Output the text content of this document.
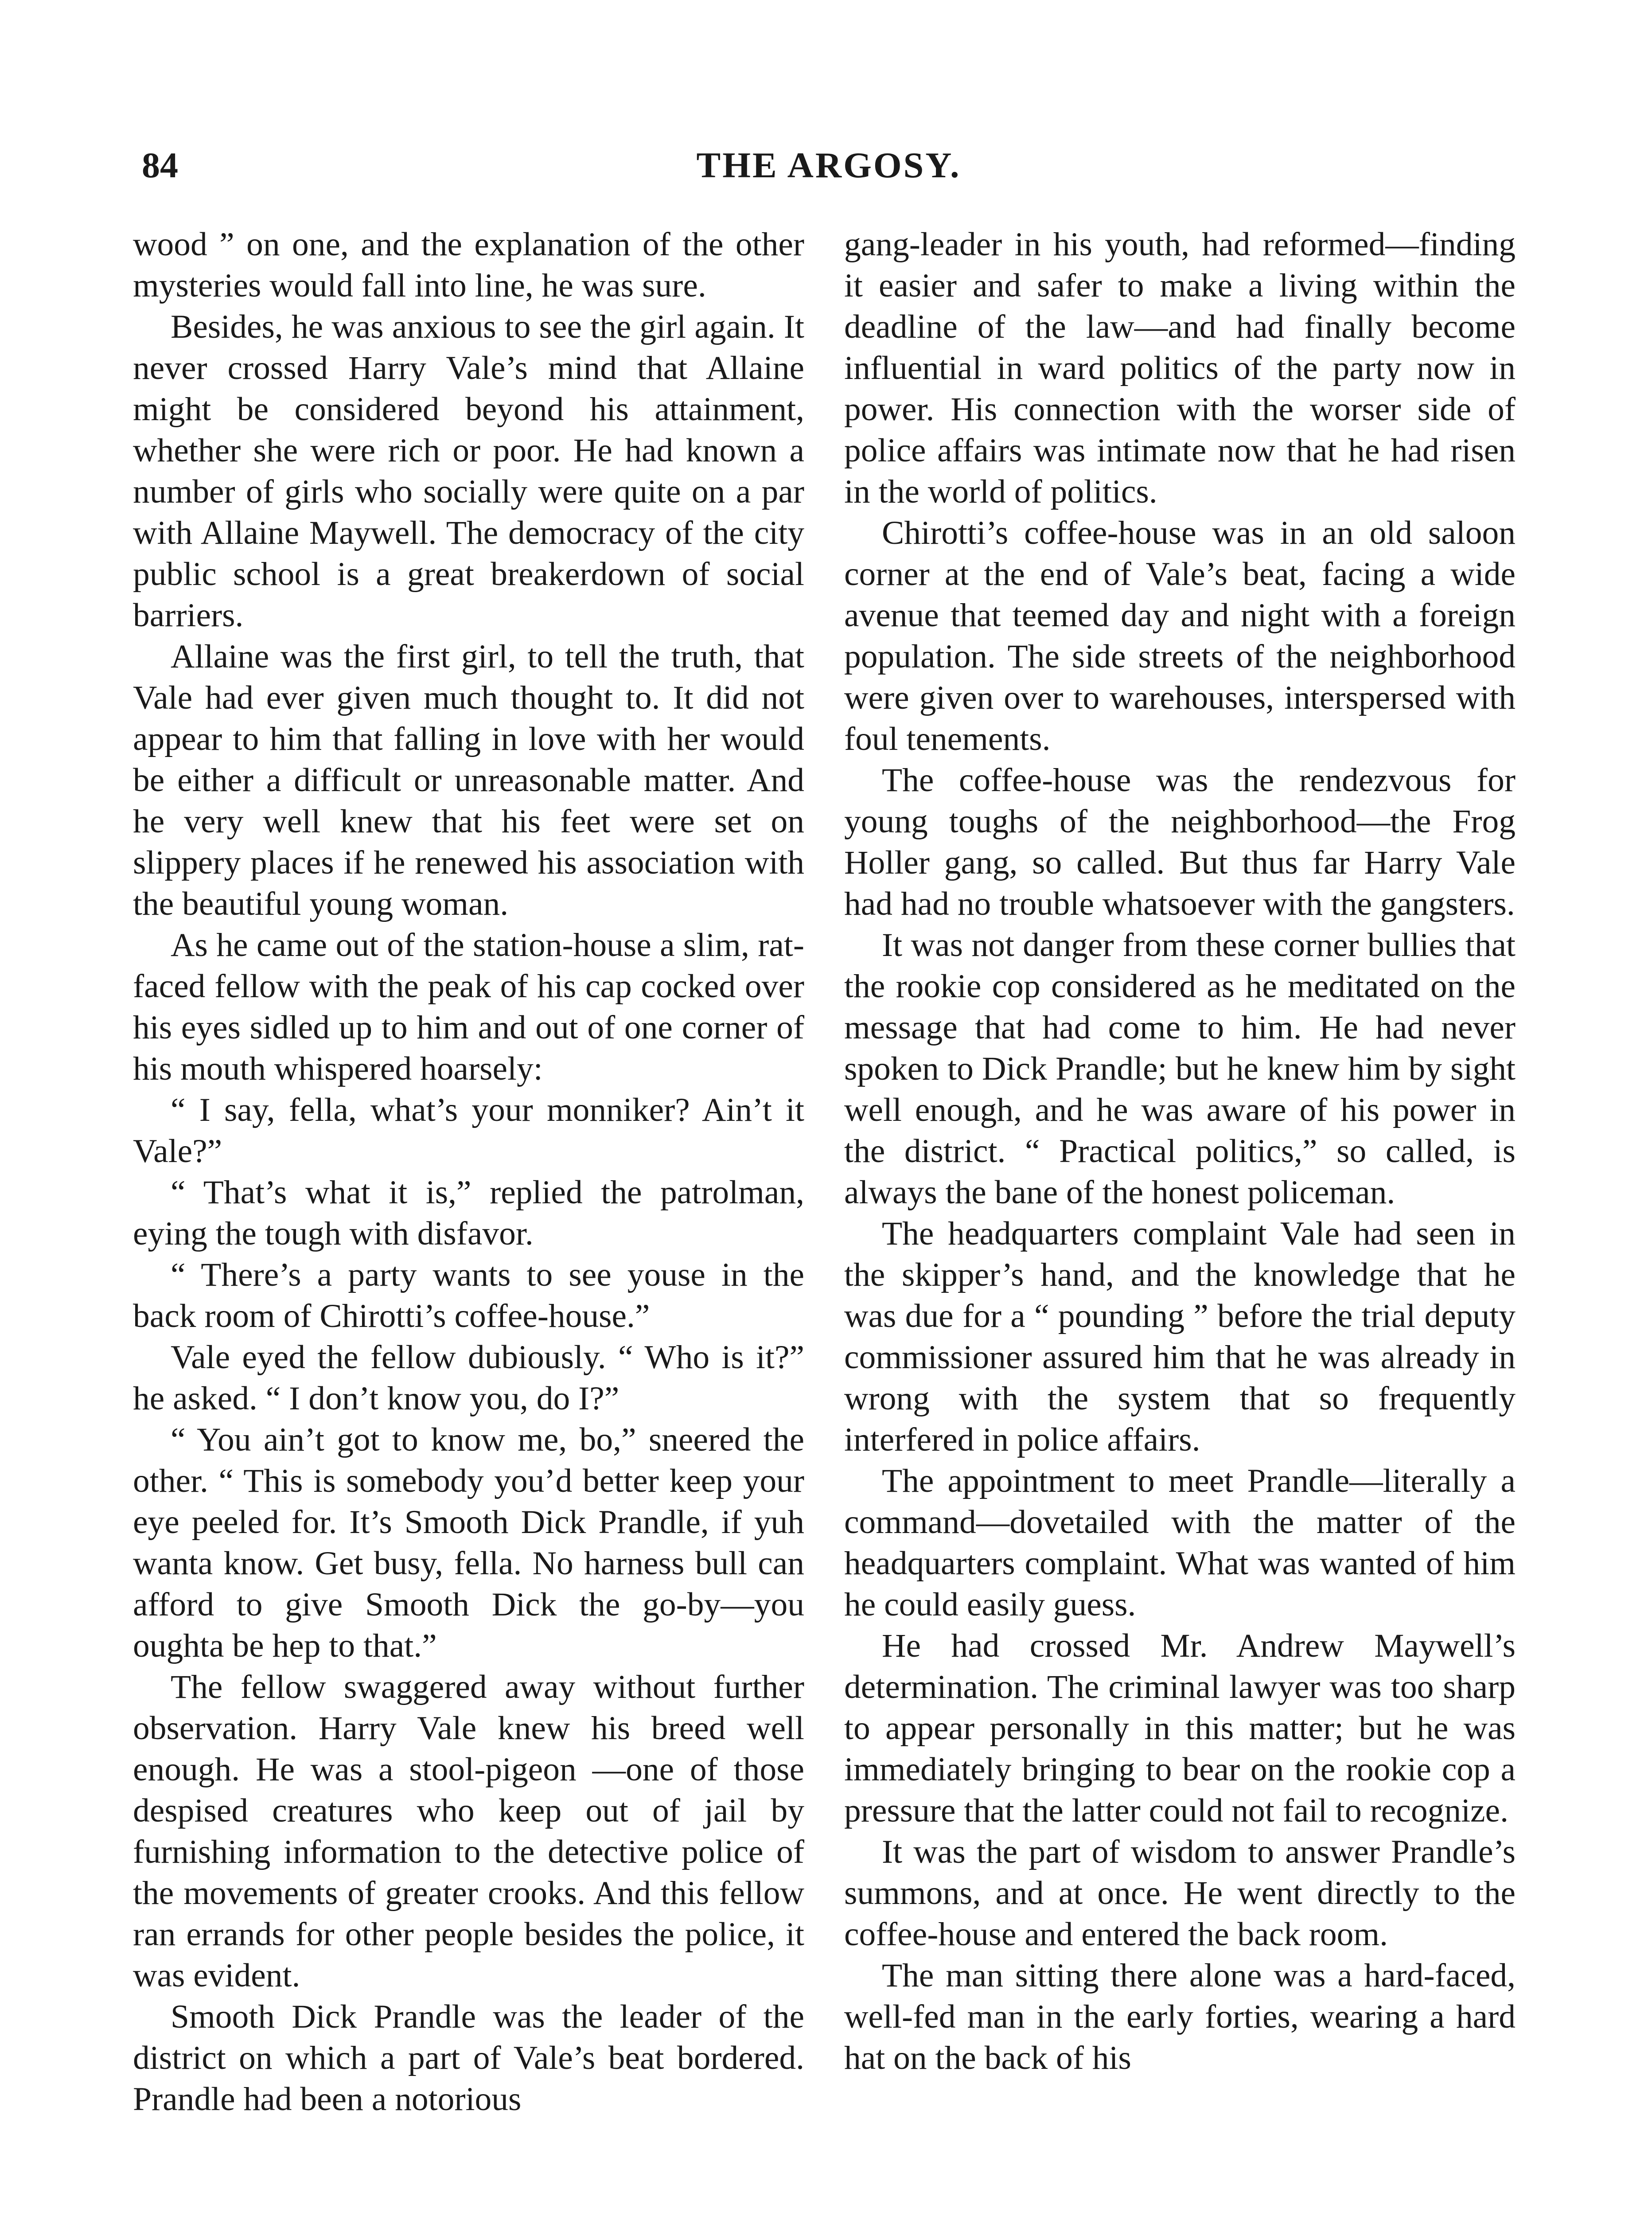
84	THE ARGOSY.

wood ” on one, and the explanation of the other mysteries would fall into line, he was sure.

Besides, he was anxious to see the girl again. It never crossed Harry Vale’s mind that Allaine might be considered beyond his attainment, whether she were rich or poor. He had known a number of girls who socially were quite on a par with Allaine Maywell. The democracy of the city public school is a great breakerdown of social barriers.

Allaine was the first girl, to tell the truth, that Vale had ever given much thought to. It did not appear to him that falling in love with her would be either a difficult or unreasonable matter. And he very well knew that his feet were set on slippery places if he renewed his association with the beautiful young woman.

As he came out of the station-house a slim, rat-faced fellow with the peak of his cap cocked over his eyes sidled up to him and out of one corner of his mouth whispered hoarsely:

“ I say, fella, what’s your monniker? Ain’t it Vale?”

“ That’s what it is,” replied the patrolman, eying the tough with disfavor.

“ There’s a party wants to see youse in the back room of Chirotti’s coffee-house.”

Vale eyed the fellow dubiously. “ Who is it?” he asked. “ I don’t know you, do I?”

“ You ain’t got to know me, bo,” sneered the other. “ This is somebody you’d better keep your eye peeled for. It’s Smooth Dick Prandle, if yuh wanta know. Get busy, fella. No harness bull can afford to give Smooth Dick the go-by—you oughta be hep to that.”

The fellow swaggered away without further observation. Harry Vale knew his breed well enough. He was a stool-pigeon —one of those despised creatures who keep out of jail by furnishing information to the detective police of the movements of greater crooks. And this fellow ran errands for other people besides the police, it was evident.

Smooth Dick Prandle was the leader of the district on which a part of Vale’s beat bordered. Prandle had been a notorious

gang-leader in his youth, had reformed—finding it easier and safer to make a living within the deadline of the law—and had finally become influential in ward politics of the party now in power. His connection with the worser side of police affairs was intimate now that he had risen in the world of politics.

Chirotti’s coffee-house was in an old saloon corner at the end of Vale’s beat, facing a wide avenue that teemed day and night with a foreign population. The side streets of the neighborhood were given over to warehouses, interspersed with foul tenements.

The coffee-house was the rendezvous for young toughs of the neighborhood—the Frog Holler gang, so called. But thus far Harry Vale had had no trouble whatsoever with the gangsters.

It was not danger from these corner bullies that the rookie cop considered as he meditated on the message that had come to him. He had never spoken to Dick Prandle; but he knew him by sight well enough, and he was aware of his power in the district. “ Practical politics,” so called, is always the bane of the honest policeman.

The headquarters complaint Vale had seen in the skipper’s hand, and the knowledge that he was due for a “ pounding ” before the trial deputy commissioner assured him that he was already in wrong with the system that so frequently interfered in police affairs.

The appointment to meet Prandle—literally a command—dovetailed with the matter of the headquarters complaint. What was wanted of him he could easily guess.

He had crossed Mr. Andrew Maywell’s determination. The criminal lawyer was too sharp to appear personally in this matter; but he was immediately bringing to bear on the rookie cop a pressure that the latter could not fail to recognize.

It was the part of wisdom to answer Prandle’s summons, and at once. He went directly to the coffee-house and entered the back room.

The man sitting there alone was a hard-faced, well-fed man in the early forties, wearing a hard hat on the back of his
